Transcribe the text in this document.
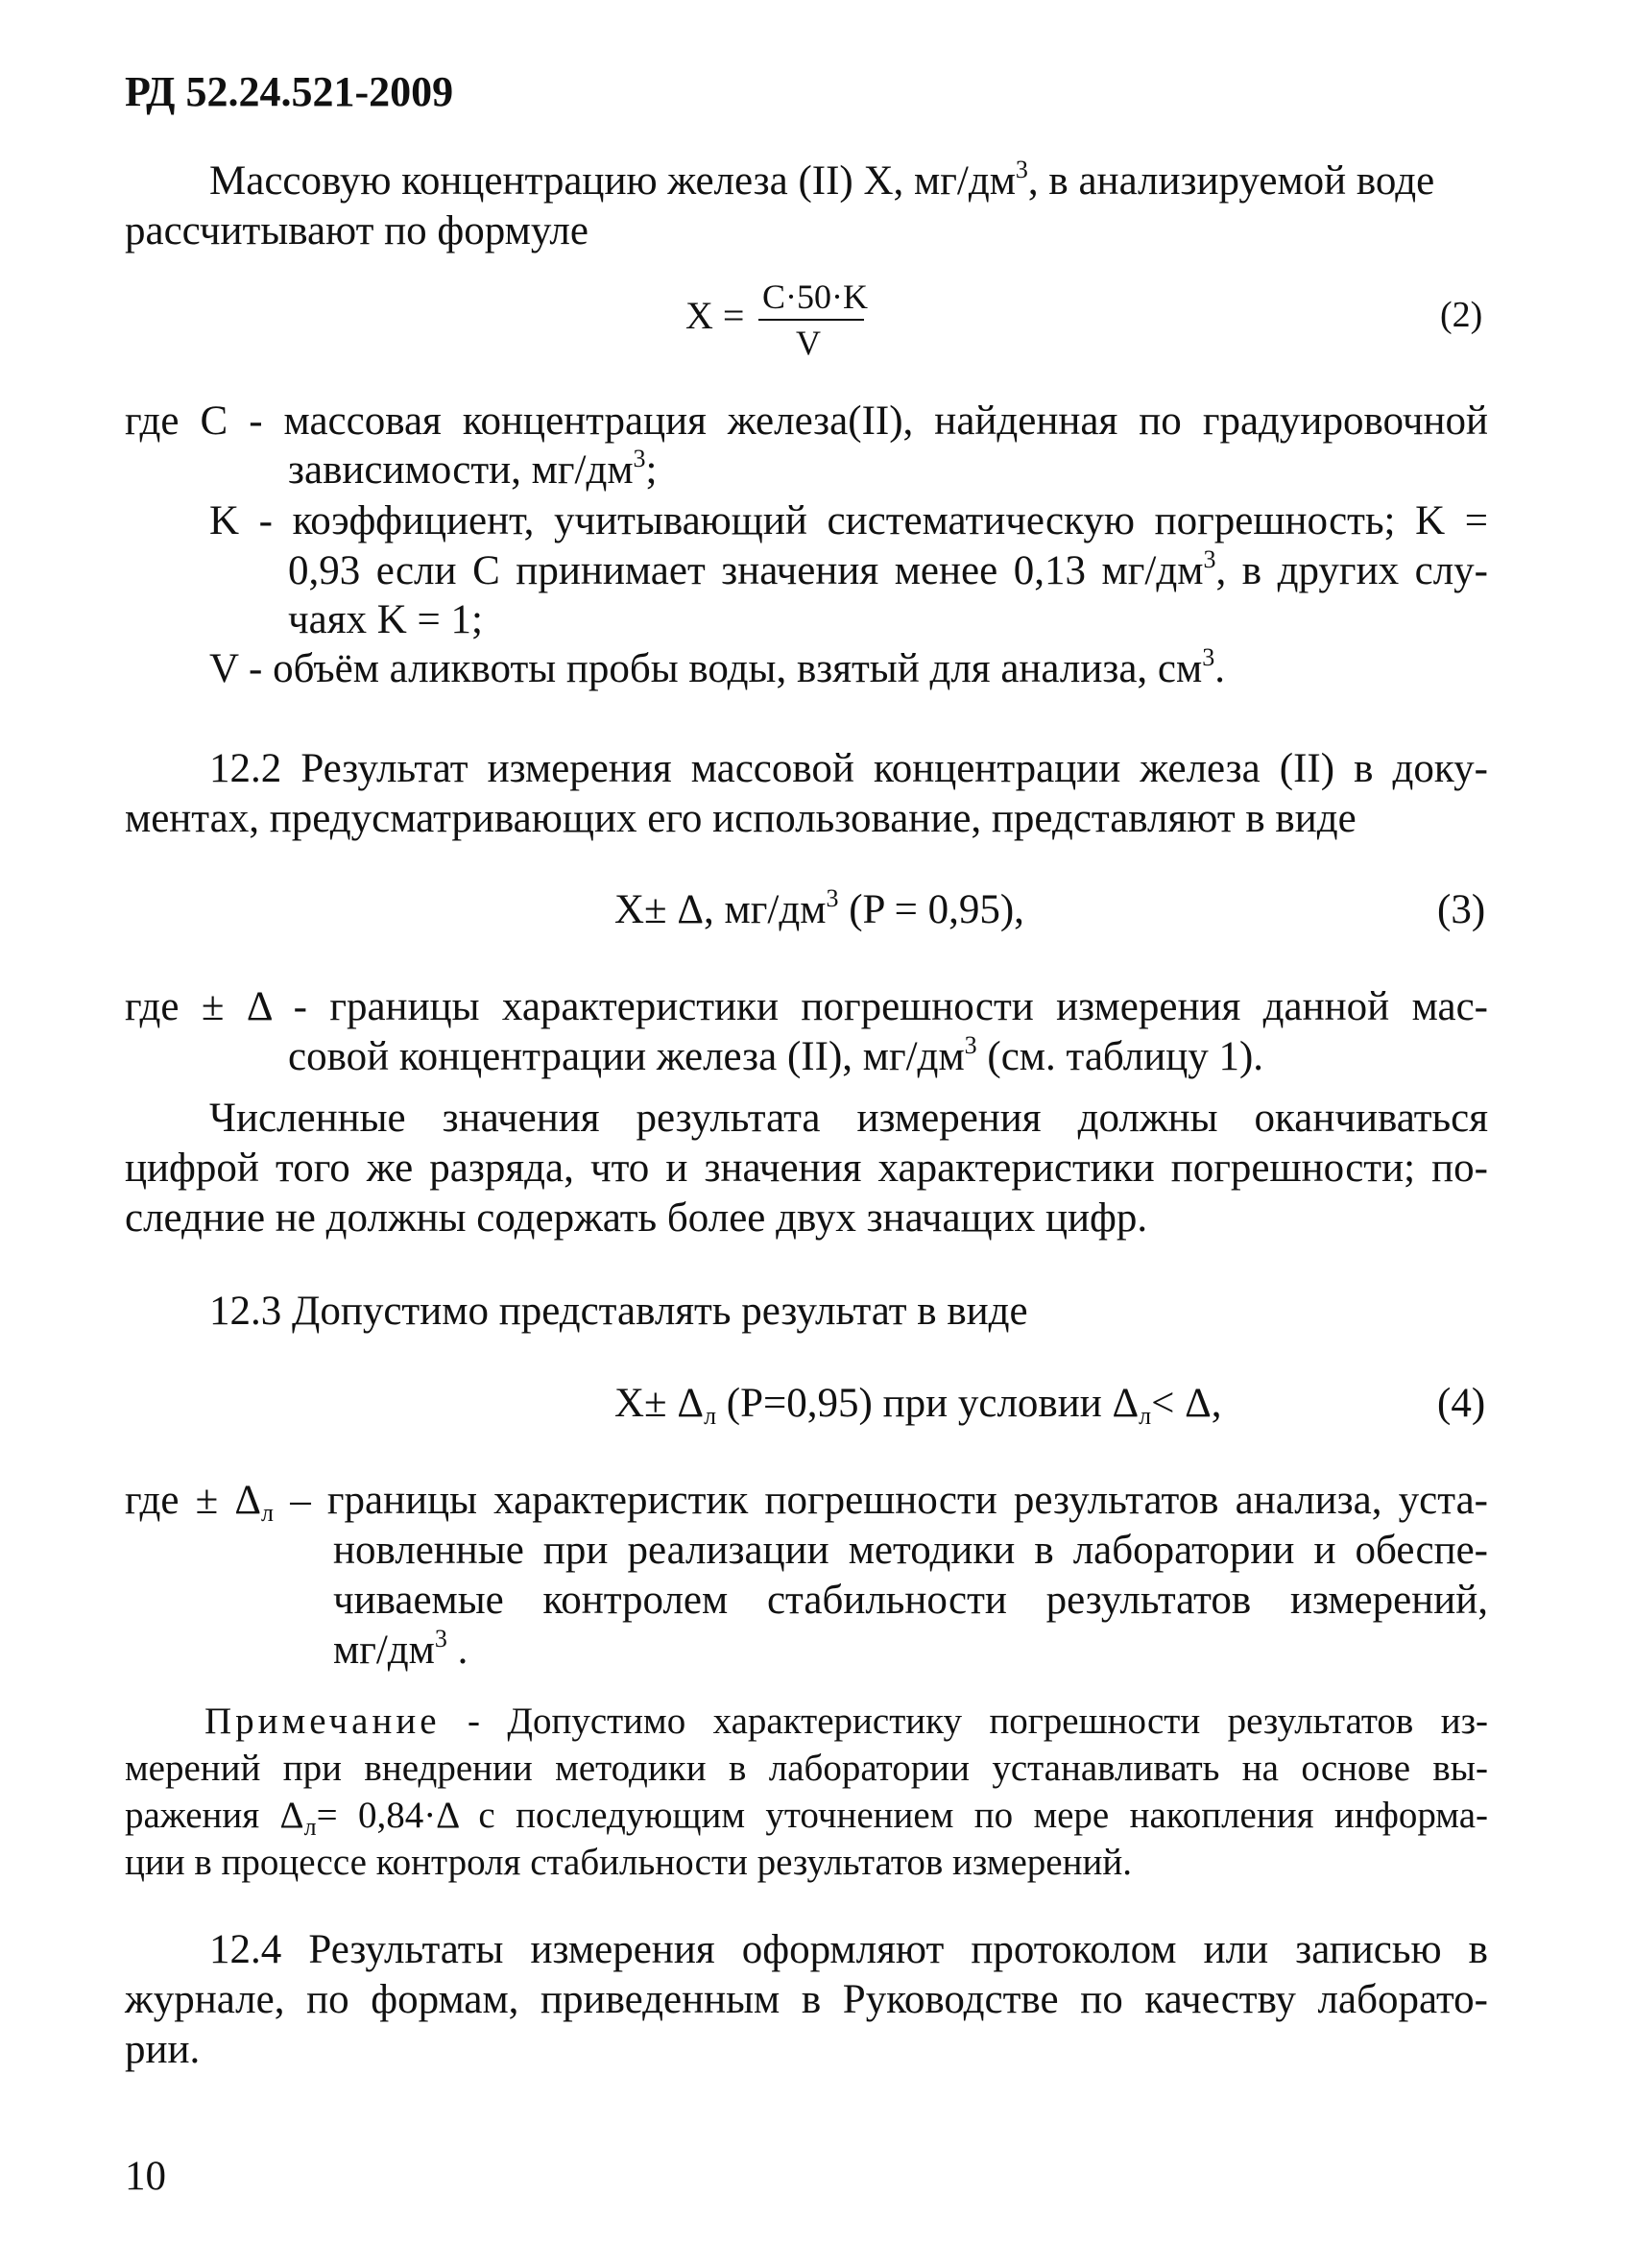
РД 52.24.521-2009
Массовую концентрацию железа (II) X, $мг/дм^3$, в анализируемой воде
рассчитывают по формуле
X = C·50·K
V
(2)
где C - массовая концентрация железа(II), найденная по градуировочной
зависимости, $мг/дм^3$;
K - коэффициент, учитывающий систематическую погрешность; K =
0,93 если C принимает значения менее 0,13 $мг/дм^3$, в других слу-
чаях K = 1;
V - объём аликвоты пробы воды, взятый для анализа, $см^3$.
12.2 Результат измерения массовой концентрации железа (II) в доку-
ментах, предусматривающих его использование, представляют в виде
X± Δ, $мг/дм^3$ (P = 0,95),	(3)
где ± Δ - границы характеристики погрешности измерения данной мас-
совой концентрации железа (II), $мг/дм^3$ (см. таблицу 1).
Численные значения результата измерения должны оканчиваться
цифрой того же разряда, что и значения характеристики погрешности; по-
следние не должны содержать более двух значащих цифр.
12.3 Допустимо представлять результат в виде
$X\pm \Delta_л$ (P=0,95) при условии $\Delta_л< \Delta$,	(4)
где ± $\Delta_л$ – границы характеристик погрешности результатов анализа, уста-
новленные при реализации методики в лаборатории и обеспе-
чиваемые контролем стабильности результатов измерений,
$мг/дм^3$ .
Примечание - Допустимо характеристику погрешности результатов из-
мерений при внедрении методики в лаборатории устанавливать на основе вы-
ражения $\Delta_л= 0,84\cdot\Delta$ с последующим уточнением по мере накопления информа-
ции в процессе контроля стабильности результатов измерений.
12.4 Результаты измерения оформляют протоколом или записью в
журнале, по формам, приведенным в Руководстве по качеству лаборато-
рии.
10
